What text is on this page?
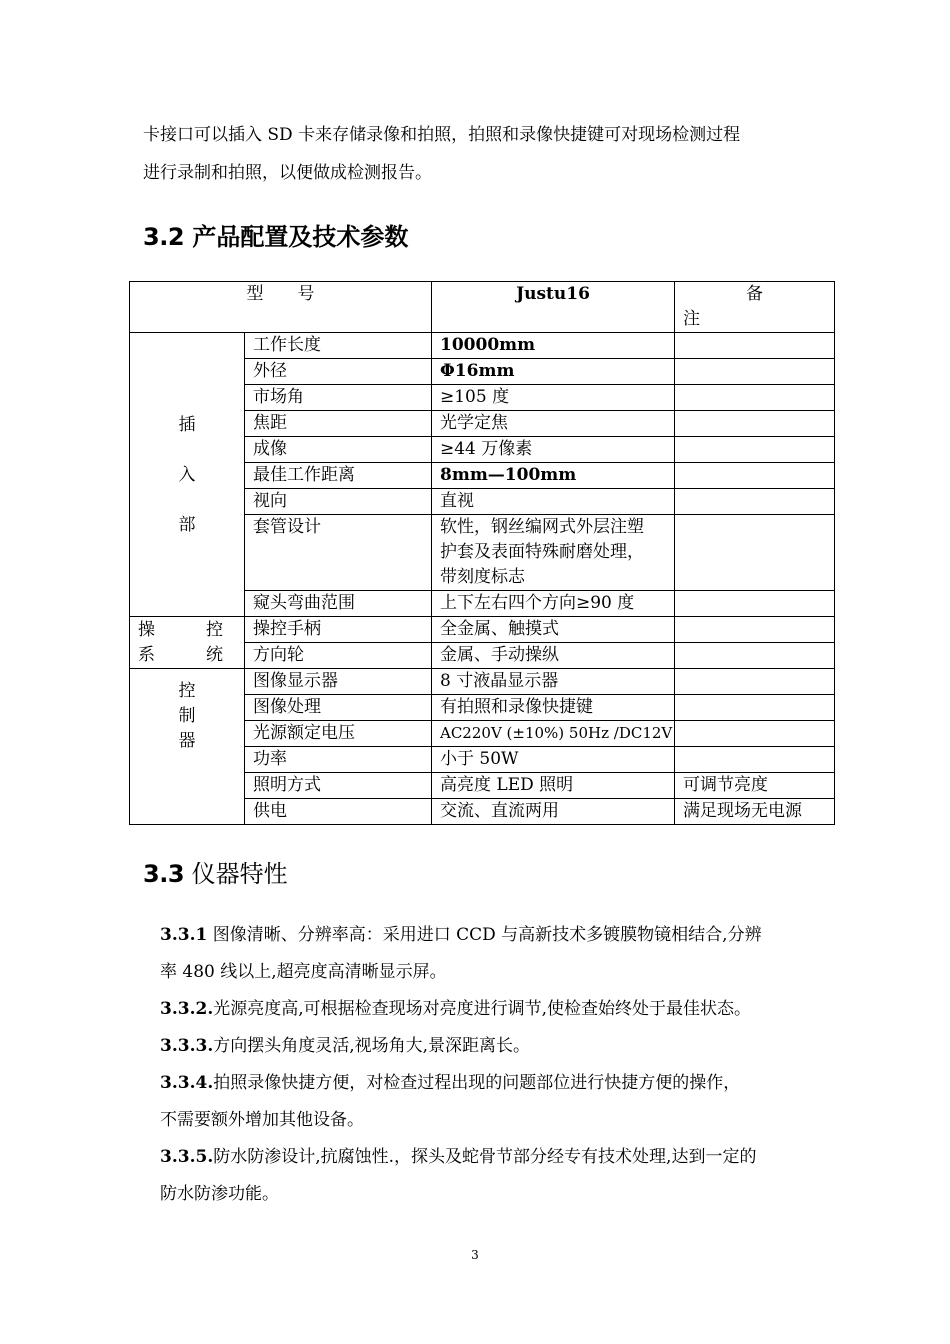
卡接口可以插入 SD 卡来存储录像和拍照，拍照和录像快捷键可对现场检测过程
进行录制和拍照，以便做成检测报告。
3.2 产品配置及技术参数
型　　号		Justu16	备
注

插
入
部	工作长度	10000mm	
	外径	Φ16mm	
	市场角	≥105 度	
	焦距	光学定焦	
	成像	≥44 万像素	
	最佳工作距离	8mm—100mm	
	视向	直视	
	套管设计	软性，钢丝编网式外层注塑
护套及表面特殊耐磨处理，
带刻度标志	

	窥头弯曲范围	上下左右四个方向≥90 度	

操　　　控
系　　　统	操控手柄	全金属、触摸式	
	方向轮	金属、手动操纵	

控
制
器	图像显示器	8 寸液晶显示器	
	图像处理	有拍照和录像快捷键	
	光源额定电压	AC220V (±10%) 50Hz /DC12V	
	功率	小于 50W	
	照明方式	高亮度 LED 照明	可调节亮度
	供电	交流、直流两用	满足现场无电源
3.3 仪器特性
3.3.1 图像清晰、分辨率高：采用进口 CCD 与高新技术多镀膜物镜相结合,分辨
率 480 线以上,超亮度高清晰显示屏。
3.3.2.光源亮度高,可根据检查现场对亮度进行调节,使检查始终处于最佳状态。
3.3.3.方向摆头角度灵活,视场角大,景深距离长。
3.3.4.拍照录像快捷方便，对检查过程出现的问题部位进行快捷方便的操作，
不需要额外增加其他设备。
3.3.5.防水防渗设计,抗腐蚀性.，探头及蛇骨节部分经专有技术处理,达到一定的
防水防渗功能。
3
